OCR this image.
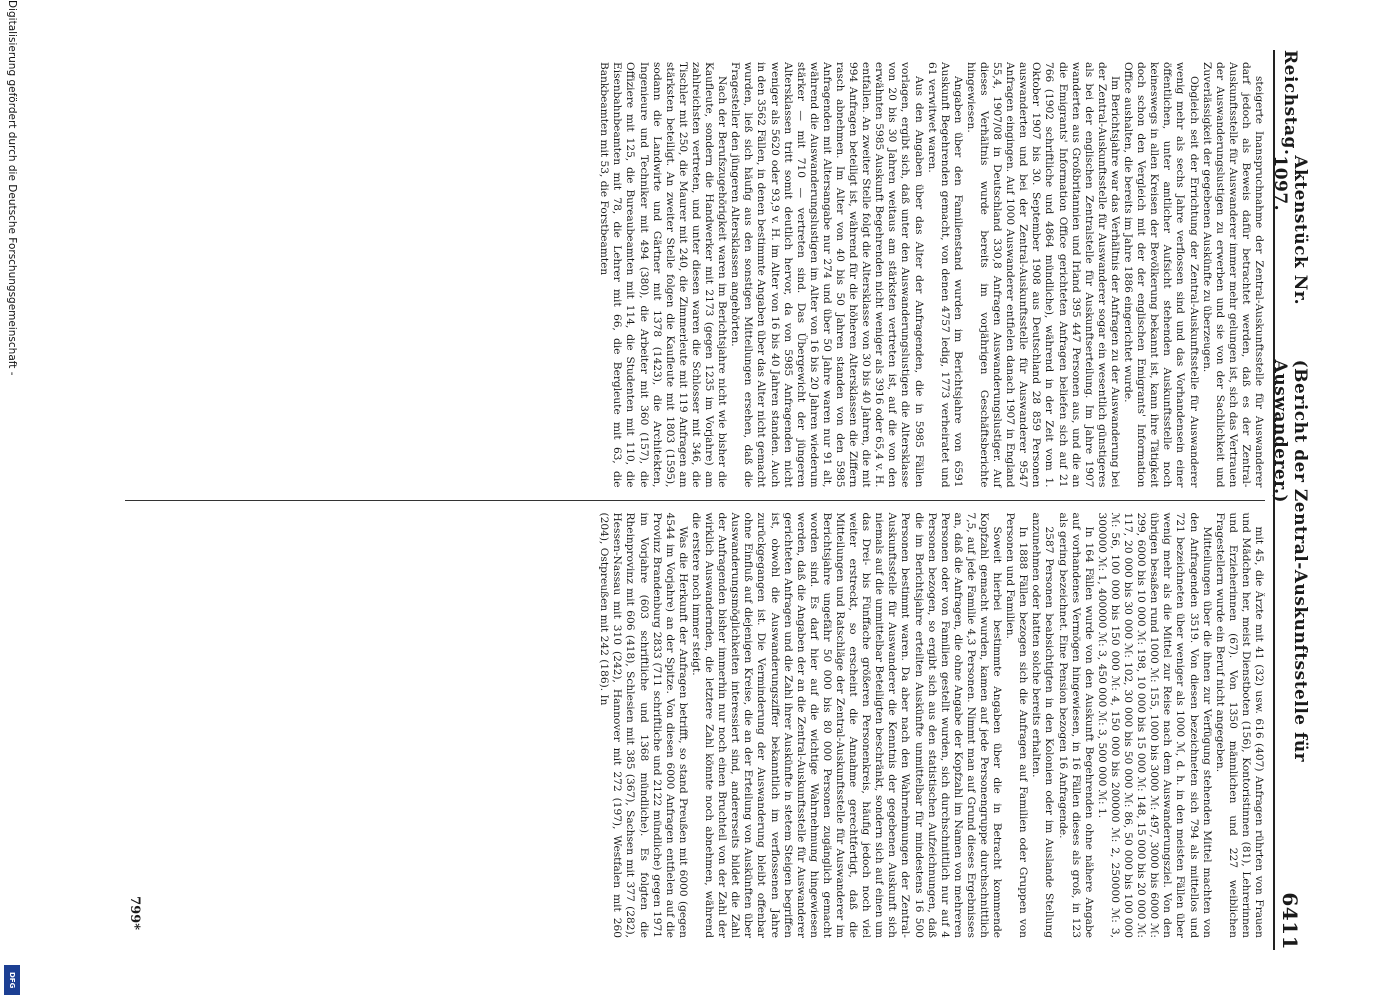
Reichstag.
Aktenstück Nr. 1097.
(Bericht der Zentral-Auskunftsstelle für Auswanderer.)
6411

steigerte Inanspruchnahme der Zentral-Auskunftsstelle für Auswanderer darf jedoch als Beweis dafür betrachtet werden, daß es der Zentral-Auskunftsstelle für Auswanderer immer mehr gelungen ist, sich das Vertrauen der Auswanderungslustigen zu erwerben und sie von der Sachlichkeit und Zuverlässigkeit der gegebenen Auskünfte zu überzeugen.

Obgleich seit der Errichtung der Zentral-Auskunftsstelle für Auswanderer wenig mehr als sechs Jahre verflossen sind und das Vorhandensein einer öffentlichen, unter amtlicher Aufsicht stehenden Auskunftsstelle noch keineswegs in allen Kreisen der Bevölkerung bekannt ist, kann ihre Tätigkeit doch schon den Vergleich mit der der englischen Emigrants' Information Office aushalten, die bereits im Jahre 1886 eingerichtet wurde.

Im Berichtsjahre war das Verhältnis der Anfragen zu der Auswanderung bei der Zentral-Auskunftsstelle für Auswanderer sogar ein wesentlich günstigeres als bei der englischen Zentralstelle für Auskunftserteilung. Im Jahre 1907 wanderten aus Großbritannien und Irland 395 447 Personen aus, und die an die Emigrants' Information Office gerichteten Anfragen beliefen sich auf 21 766 (1902 schriftliche und 4864 mündliche), während in der Zeit vom 1. Oktober 1907 bis 30. September 1908 aus Deutschland 28 859 Personen auswanderten und bei der Zentral-Auskunftsstelle für Auswanderer 9547 Anfragen eingingen. Auf 1000 Auswanderer entfielen danach 1907 in England 55,4, 1907/08 in Deutschland 330,8 Anfragen Auswanderungslustiger. Auf dieses Verhältnis wurde bereits im vorjährigen Geschäftsberichte hingewiesen.

Angaben über den Familienstand wurden im Berichtsjahre von 6591 Auskunft Begehrenden gemacht, von denen 4757 ledig, 1773 verheiratet und 61 verwitwet waren.

Aus den Angaben über das Alter der Anfragenden, die in 5985 Fällen vorlagen, ergibt sich, daß unter den Auswanderungslustigen die Altersklasse von 20 bis 30 Jahren weitaus am stärksten vertreten ist, auf die von den erwähnten 5985 Auskunft Begehrenden nicht weniger als 3916 oder 65,4 v. H. entfallen. An zweiter Stelle folgt die Altersklasse von 30 bis 40 Jahren, die mit 994 Anfragen beteiligt ist, während für die höheren Altersklassen die Ziffern rasch abnehmen. Im Alter von 40 bis 50 Jahren standen von den 5985 Anfragenden mit Altersangabe nur 274 und über 50 Jahre waren nur 91 alt, während die Auswanderungslustigen im Alter von 16 bis 20 Jahren wiederum stärker — mit 710 — vertreten sind. Das Übergewicht der jüngeren Altersklassen tritt somit deutlich hervor, da von 5985 Anfragenden nicht weniger als 5620 oder 93,9 v. H. im Alter von 16 bis 40 Jahren standen. Auch in den 3562 Fällen, in denen bestimmte Angaben über das Alter nicht gemacht wurden, ließ sich häufig aus den sonstigen Mitteilungen ersehen, daß die Fragesteller den jüngeren Altersklassen angehörten.

Nach der Berufszugehörigkeit waren im Berichtsjahre nicht wie bisher die Kaufleute, sondern die Handwerker mit 2173 (gegen 1235 im Vorjahre) am zahlreichsten vertreten, und unter diesen waren die Schlosser mit 346, die Tischler mit 250, die Maurer mit 240, die Zimmerleute mit 119 Anfragen am stärksten beteiligt. An zweiter Stelle folgen die Kaufleute mit 1803 (1595), sodann die Landwirte und Gärtner mit 1378 (1423), die Architekten, Ingenieure und Techniker mit 494 (380), die Arbeiter mit 360 (157), die Offiziere mit 125, die Bureaubeamten mit 114, die Studenten mit 110, die Eisenbahnbeamten mit 78, die Lehrer mit 66, die Bergleute mit 63, die Bankbeamten mit 53, die Forstbeamten

mit 45, die Ärzte mit 41 (32) usw. 616 (407) Anfragen rührten von Frauen und Mädchen her, meist Dienstboten (156), Kontoristinnen (81), Lehrerinnen und Erzieherinnen (67). Von 1350 männlichen und 227 weiblichen Fragestellern wurde ein Beruf nicht angegeben.

Mitteilungen über die ihnen zur Verfügung stehenden Mittel machten von den Anfragenden 3519. Von diesen bezeichneten sich 794 als mittellos und 721 bezeichneten über weniger als 1000 ℳ, d. h. in den meisten Fällen über wenig mehr als die Mittel zur Reise nach dem Auswanderungsziel. Von den übrigen besaßen rund 1000 ℳ: 155, 1000 bis 3000 ℳ: 497, 3000 bis 6000 ℳ: 299, 6000 bis 10 000 ℳ: 198, 10 000 bis 15 000 ℳ: 148, 15 000 bis 20 000 ℳ: 117, 20 000 bis 30 000 ℳ: 102, 30 000 bis 50 000 ℳ: 86, 50 000 bis 100 000 ℳ: 56, 100 000 bis 150 000 ℳ: 4, 150 000 bis 200000 ℳ: 2, 250000 ℳ: 3, 300000 ℳ: 1, 400000 ℳ: 3, 450 000 ℳ: 3, 500 000 ℳ: 1.

In 164 Fällen wurde von den Auskunft Begehrenden ohne nähere Angabe auf vorhandenes Vermögen hingewiesen, in 16 Fällen dieses als groß, in 123 als gering bezeichnet. Eine Pension bezogen 16 Anfragende.

2587 Personen beabsichtigten in den Kolonien oder im Auslande Stellung anzunehmen oder hatten solche bereits erhalten.

In 1888 Fällen bezogen sich die Anfragen auf Familien oder Gruppen von Personen und Familien.

Soweit hierbei bestimmte Angaben über die in Betracht kommende Kopfzahl gemacht wurden, kamen auf jede Personengruppe durchschnittlich 7,5, auf jede Familie 4,3 Personen. Nimmt man auf Grund dieses Ergebnisses an, daß die Anfragen, die ohne Angabe der Kopfzahl im Namen von mehreren Personen oder von Familien gestellt wurden, sich durchschnittlich nur auf 4 Personen bezogen, so ergibt sich aus den statistischen Aufzeichnungen, daß die im Berichtsjahre erteilten Auskünfte unmittelbar für mindestens 16 500 Personen bestimmt waren. Da aber nach den Wahrnehmungen der Zentral-Auskunftsstelle für Auswanderer die Kenntnis der gegebenen Auskunft sich niemals auf die unmittelbar Beteiligten beschränkt, sondern sich auf einen um das Drei- bis Fünffache größeren Personenkreis, häufig jedoch noch viel weiter erstreckt, so erscheint die Annahme gerechtfertigt, daß die Mitteilungen und Ratschläge der Zentral-Auskunftsstelle für Auswanderer im Berichtsjahre ungefähr 50 000 bis 80 000 Personen zugänglich gemacht worden sind. Es darf hier auf die wichtige Wahrnehmung hingewiesen werden, daß die Angaben der an die Zentral-Auskunftsstelle für Auswanderer gerichteten Anfragen und die Zahl ihrer Auskünfte in stetem Steigen begriffen ist, obwohl die Auswanderungsziffer bekanntlich im verflossenen Jahre zurückgegangen ist. Die Verminderung der Auswanderung bleibt offenbar ohne Einfluß auf diejenigen Kreise, die an der Erteilung von Auskünften über Auswanderungsmöglichkeiten interessiert sind, andererseits bildet die Zahl der Anfragenden bisher immerhin nur noch einen Bruchteil von der Zahl der wirklich Auswandernden, die letztere Zahl könnte noch abnehmen, während die erstere noch immer steigt.

Was die Herkunft der Anfragen betrifft, so stand Preußen mit 6000 (gegen 4544 im Vorjahre) an der Spitze. Von diesen 6000 Anfragen entfielen auf die Provinz Brandenburg 2833 (711 schriftliche und 2122 mündliche) gegen 1971 im Vorjahre (603 schriftliche und 1368 mündliche). Es folgten die Rheinprovinz mit 606 (418), Schlesien mit 385 (367), Sachsen mit 377 (282), Hessen-Nassau mit 310 (242), Hannover mit 272 (197), Westfalen mit 260 (204), Ostpreußen mit 242 (186). In

799*
Digitalisierung gefördert durch die Deutsche Forschungsgemeinschaft -
DFG
